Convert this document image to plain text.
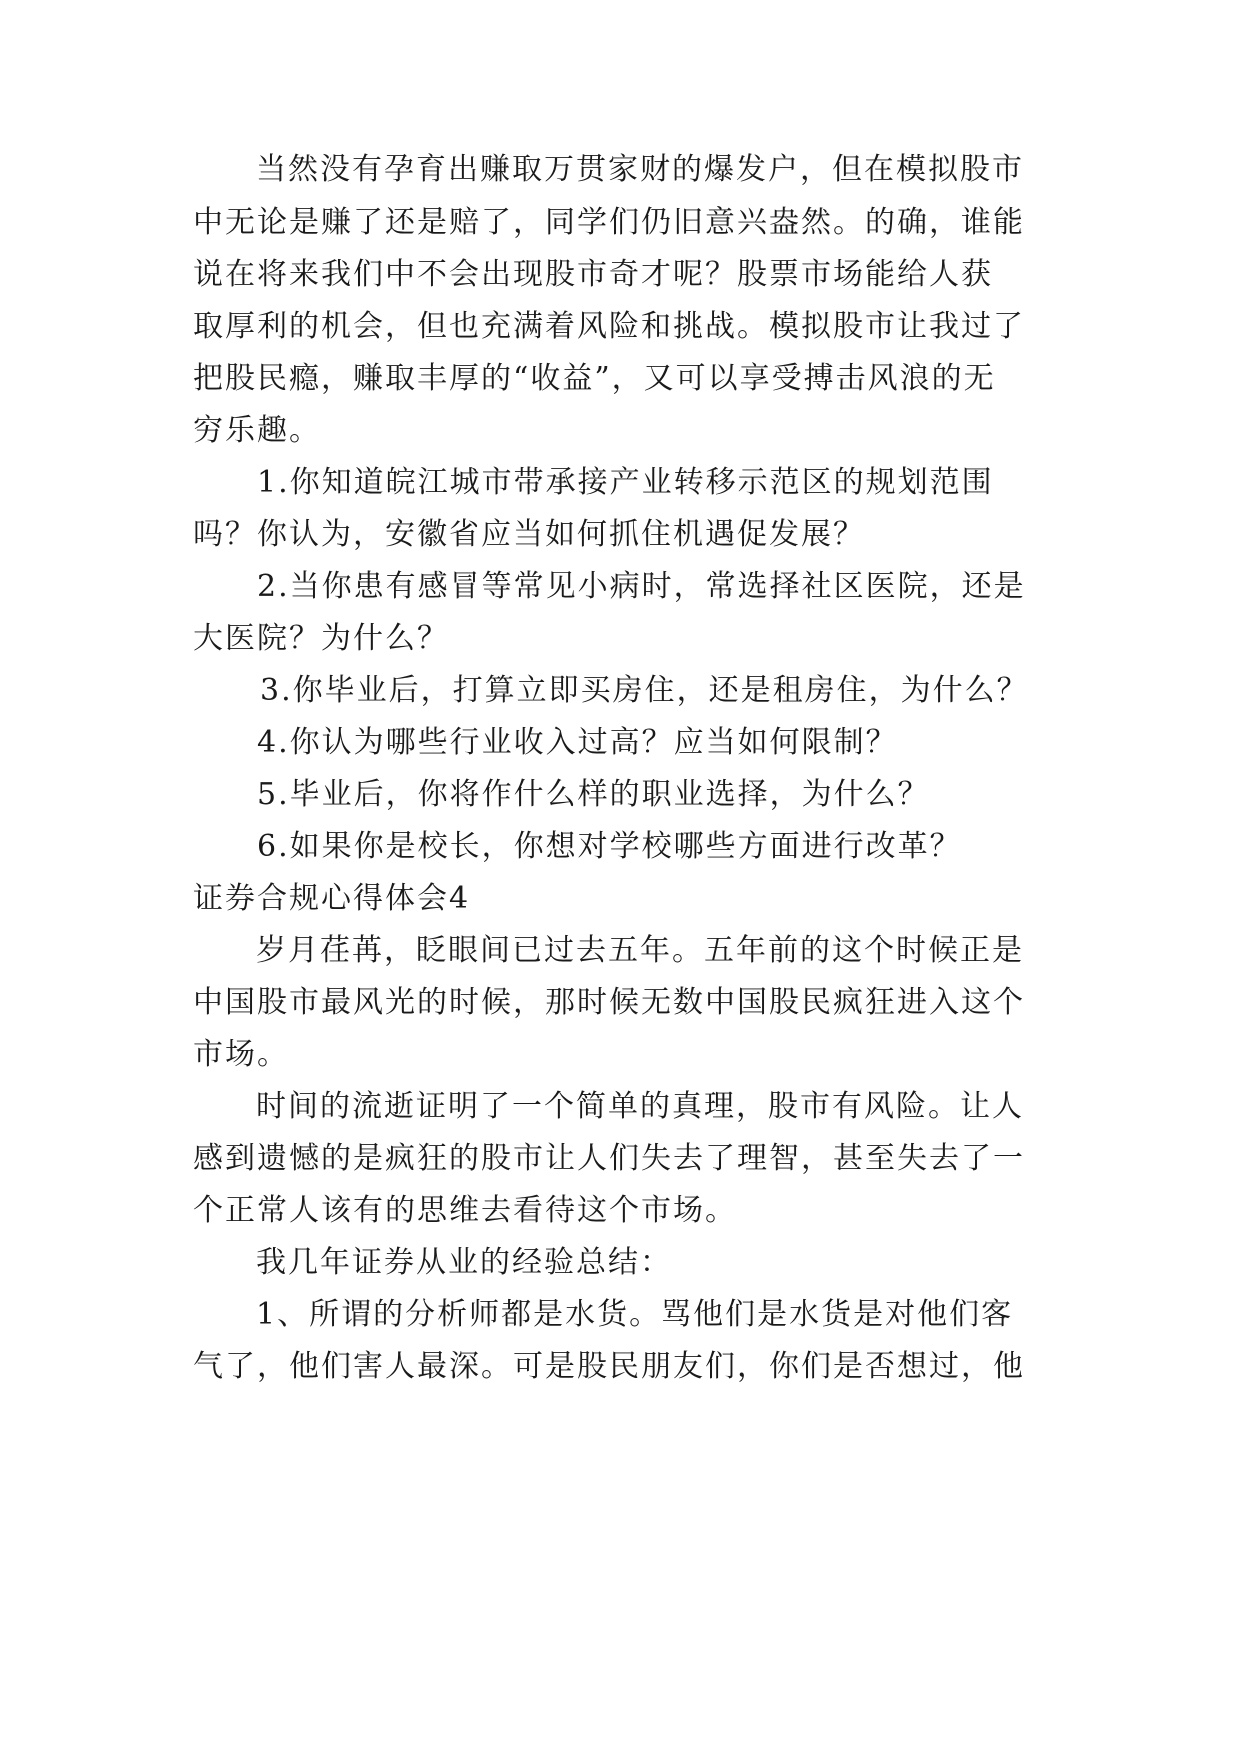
当然没有孕育出赚取万贯家财的爆发户，但在模拟股市
中无论是赚了还是赔了，同学们仍旧意兴盎然。的确，谁能
说在将来我们中不会出现股市奇才呢？股票市场能给人获
取厚利的机会，但也充满着风险和挑战。模拟股市让我过了
把股民瘾，赚取丰厚的“收益”，又可以享受搏击风浪的无
穷乐趣。
1.你知道皖江城市带承接产业转移示范区的规划范围
吗？你认为，安徽省应当如何抓住机遇促发展？
2.当你患有感冒等常见小病时，常选择社区医院，还是
大医院？为什么？
3.你毕业后，打算立即买房住，还是租房住，为什么？
4.你认为哪些行业收入过高？应当如何限制？
5.毕业后，你将作什么样的职业选择，为什么？
6.如果你是校长，你想对学校哪些方面进行改革？
证券合规心得体会4
岁月荏苒，眨眼间已过去五年。五年前的这个时候正是
中国股市最风光的时候，那时候无数中国股民疯狂进入这个
市场。
时间的流逝证明了一个简单的真理，股市有风险。让人
感到遗憾的是疯狂的股市让人们失去了理智，甚至失去了一
个正常人该有的思维去看待这个市场。
我几年证券从业的经验总结：
1、所谓的分析师都是水货。骂他们是水货是对他们客
气了，他们害人最深。可是股民朋友们，你们是否想过，他
